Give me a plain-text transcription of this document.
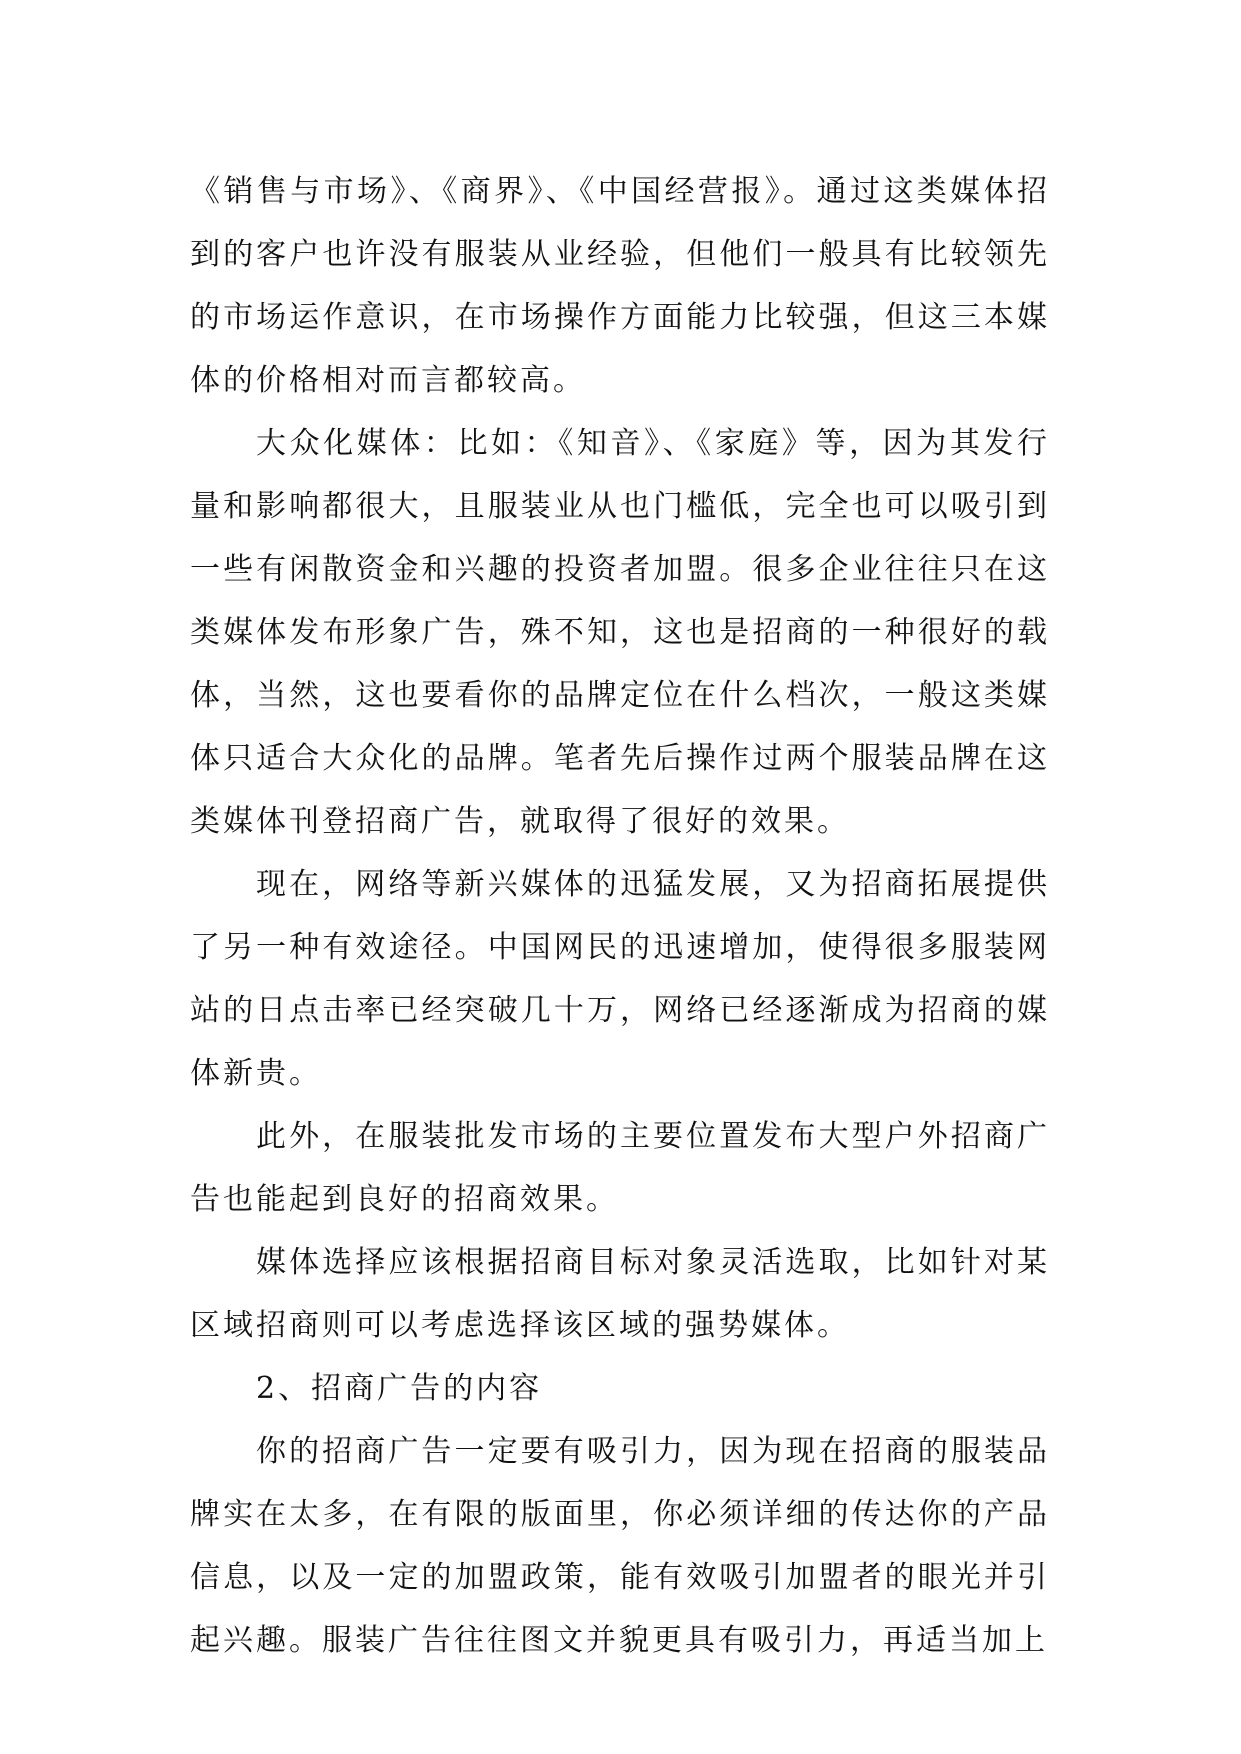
《销售与市场》、《商界》、《中国经营报》。通过这类媒体招到的客户也许没有服装从业经验，但他们一般具有比较领先的市场运作意识，在市场操作方面能力比较强，但这三本媒体的价格相对而言都较高。

大众化媒体：比如：《知音》、《家庭》等，因为其发行量和影响都很大，且服装业从也门槛低，完全也可以吸引到一些有闲散资金和兴趣的投资者加盟。很多企业往往只在这类媒体发布形象广告，殊不知，这也是招商的一种很好的载体，当然，这也要看你的品牌定位在什么档次，一般这类媒体只适合大众化的品牌。笔者先后操作过两个服装品牌在这类媒体刊登招商广告，就取得了很好的效果。

现在，网络等新兴媒体的迅猛发展，又为招商拓展提供了另一种有效途径。中国网民的迅速增加，使得很多服装网站的日点击率已经突破几十万，网络已经逐渐成为招商的媒体新贵。

此外，在服装批发市场的主要位置发布大型户外招商广告也能起到良好的招商效果。

媒体选择应该根据招商目标对象灵活选取，比如针对某区域招商则可以考虑选择该区域的强势媒体。

2、招商广告的内容

你的招商广告一定要有吸引力，因为现在招商的服装品牌实在太多，在有限的版面里，你必须详细的传达你的产品信息，以及一定的加盟政策，能有效吸引加盟者的眼光并引起兴趣。服装广告往往图文并貌更具有吸引力，再适当加上
